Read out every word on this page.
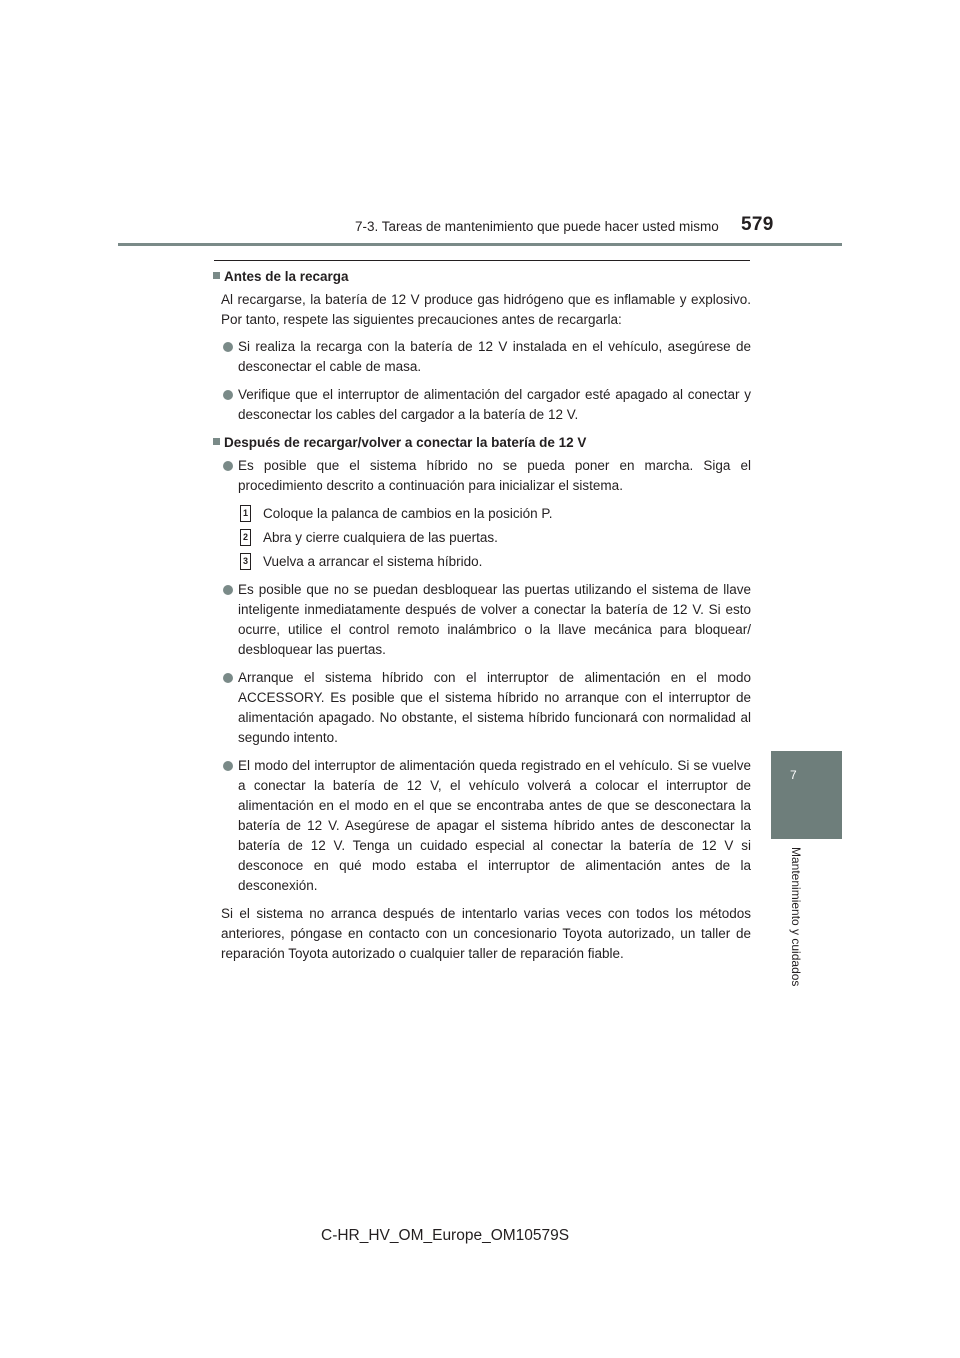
7-3. Tareas de mantenimiento que puede hacer usted mismo 579
7
Mantenimiento y cuidados
Antes de la recarga

Al recargarse, la batería de 12 V produce gas hidrógeno que es inflamable y explosivo. Por tanto, respete las siguientes precauciones antes de recargarla:

Si realiza la recarga con la batería de 12 V instalada en el vehículo, asegúrese de desconectar el cable de masa.
Verifique que el interruptor de alimentación del cargador esté apagado al conectar y desconectar los cables del cargador a la batería de 12 V.
Después de recargar/volver a conectar la batería de 12 V
Es posible que el sistema híbrido no se pueda poner en marcha. Siga el procedimiento descrito a continuación para inicializar el sistema.
1 Coloque la palanca de cambios en la posición P.
2 Abra y cierre cualquiera de las puertas.
3 Vuelva a arrancar el sistema híbrido.
Es posible que no se puedan desbloquear las puertas utilizando el sistema de llave inteligente inmediatamente después de volver a conectar la batería de 12 V. Si esto ocurre, utilice el control remoto inalámbrico o la llave mecánica para bloquear/ desbloquear las puertas.
Arranque el sistema híbrido con el interruptor de alimentación en el modo ACCESSORY. Es posible que el sistema híbrido no arranque con el interruptor de alimentación apagado. No obstante, el sistema híbrido funcionará con normalidad al segundo intento.
El modo del interruptor de alimentación queda registrado en el vehículo. Si se vuelve a conectar la batería de 12 V, el vehículo volverá a colocar el interruptor de alimentación en el modo en el que se encontraba antes de que se desconectara la batería de 12 V. Asegúrese de apagar el sistema híbrido antes de desconectar la batería de 12 V. Tenga un cuidado especial al conectar la batería de 12 V si desconoce en qué modo estaba el interruptor de alimentación antes de la desconexión.

Si el sistema no arranca después de intentarlo varias veces con todos los métodos anteriores, póngase en contacto con un concesionario Toyota autorizado, un taller de reparación Toyota autorizado o cualquier taller de reparación fiable.

C-HR_HV_OM_Europe_OM10579S
